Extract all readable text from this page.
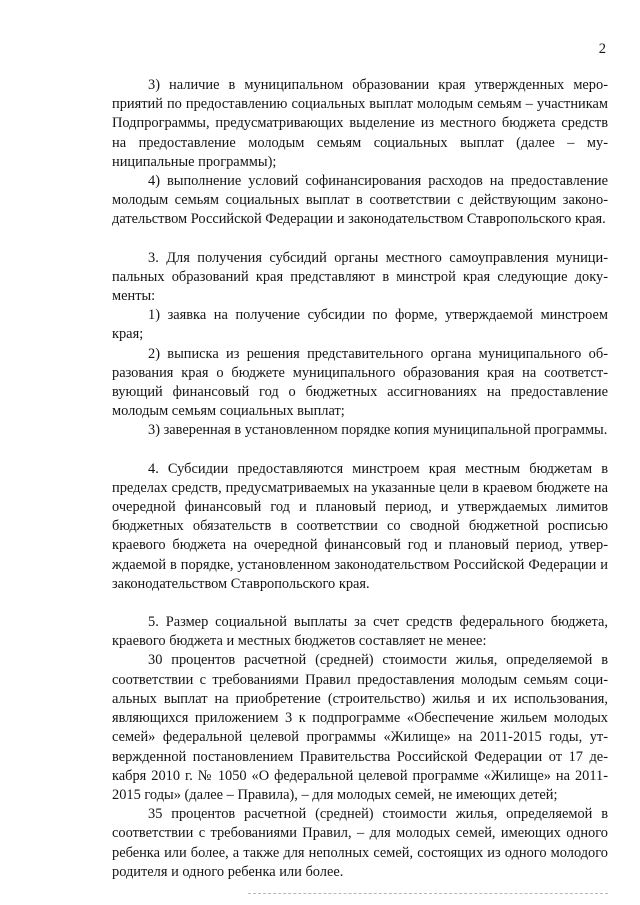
2

3) наличие в муниципальном образовании края утвержденных мероприятий по предоставлению социальных выплат молодым семьям – участникам Подпрограммы, предусматривающих выделение из местного бюджета средств на предоставление молодым семьям социальных выплат (далее – муниципальные программы);

4) выполнение условий софинансирования расходов на предоставление молодым семьям социальных выплат в соответствии с действующим законодательством Российской Федерации и законодательством Ставропольского края.

3. Для получения субсидий органы местного самоуправления муниципальных образований края представляют в минстрой края следующие документы:

1) заявка на получение субсидии по форме, утверждаемой минстроем края;

2) выписка из решения представительного органа муниципального образования края о бюджете муниципального образования края на соответствующий финансовый год о бюджетных ассигнованиях на предоставление молодым семьям социальных выплат;

3) заверенная в установленном порядке копия муниципальной программы.

4. Субсидии предоставляются минстроем края местным бюджетам в пределах средств, предусматриваемых на указанные цели в краевом бюджете на очередной финансовый год и плановый период, и утверждаемых лимитов бюджетных обязательств в соответствии со сводной бюджетной росписью краевого бюджета на очередной финансовый год и плановый период, утверждаемой в порядке, установленном законодательством Российской Федерации и законодательством Ставропольского края.

5. Размер социальной выплаты за счет средств федерального бюджета, краевого бюджета и местных бюджетов составляет не менее:

30 процентов расчетной (средней) стоимости жилья, определяемой в соответствии с требованиями Правил предоставления молодым семьям социальных выплат на приобретение (строительство) жилья и их использования, являющихся приложением 3 к подпрограмме «Обеспечение жильем молодых семей» федеральной целевой программы «Жилище» на 2011-2015 годы, утвержденной постановлением Правительства Российской Федерации от 17 декабря 2010 г. № 1050 «О федеральной целевой программе «Жилище» на 2011-2015 годы» (далее – Правила), – для молодых семей, не имеющих детей;

35 процентов расчетной (средней) стоимости жилья, определяемой в соответствии с требованиями Правил, – для молодых семей, имеющих одного ребенка или более, а также для неполных семей, состоящих из одного молодого родителя и одного ребенка или более.
